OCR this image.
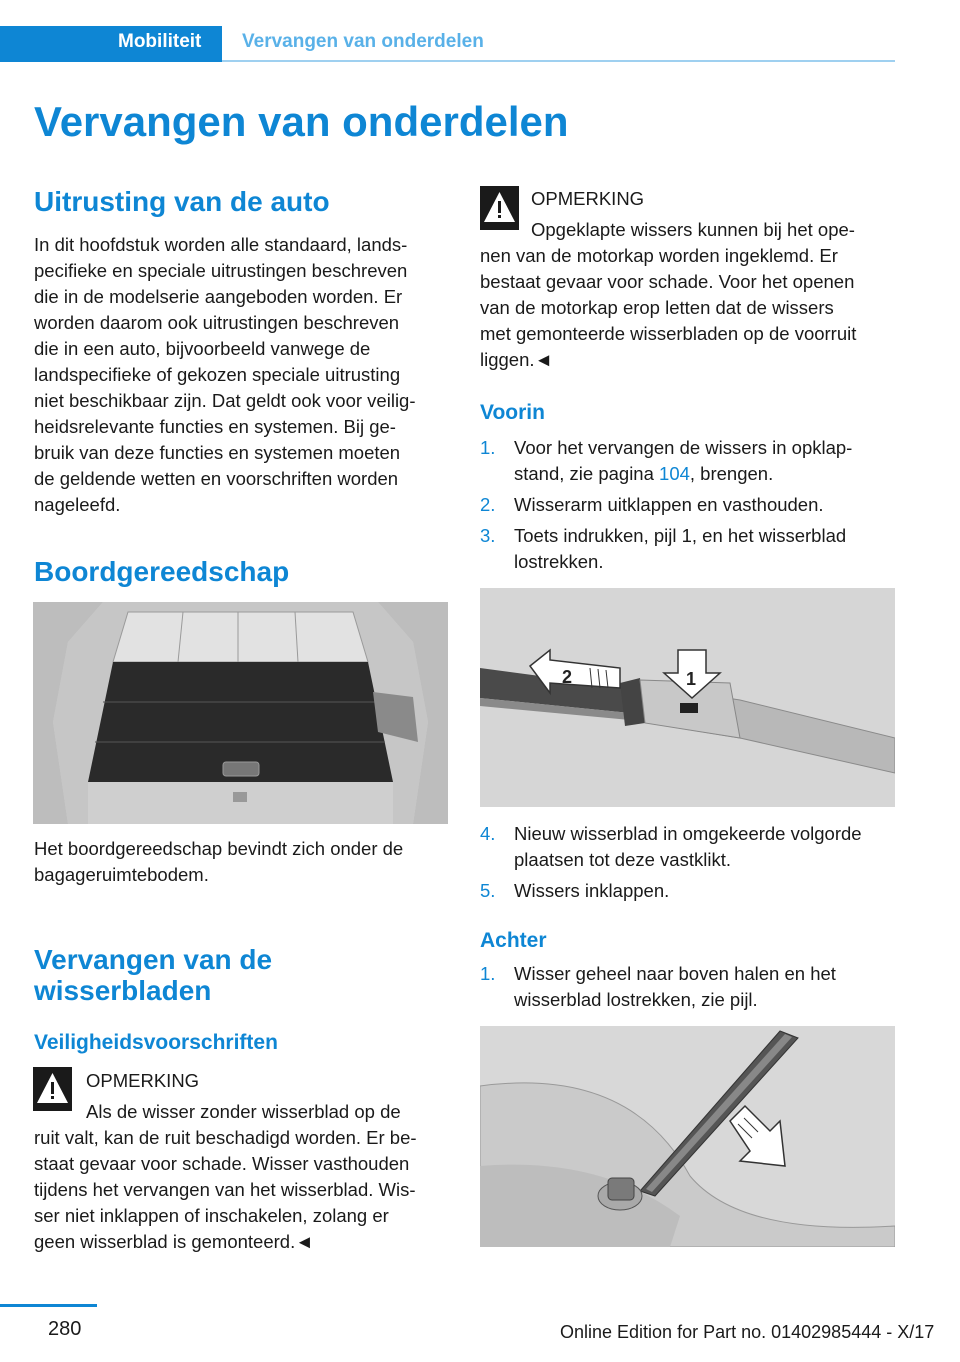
Mobiliteit Vervangen van onderdelen
Vervangen van onderdelen
Uitrusting van de auto

In dit hoofdstuk worden alle standaard, lands-
pecifieke en speciale uitrustingen beschreven
die in de modelserie aangeboden worden. Er
worden daarom ook uitrustingen beschreven
die in een auto, bijvoorbeeld vanwege de
landspecifieke of gekozen speciale uitrusting
niet beschikbaar zijn. Dat geldt ook voor veilig-
heidsrelevante functies en systemen. Bij ge-
bruik van deze functies en systemen moeten
de geldende wetten en voorschriften worden
nageleefd.

Boordgereedschap

Het boordgereedschap bevindt zich onder de
bagageruimtebodem.

Vervangen van de
wisserbladen
Veiligheidsvoorschriften
OPMERKING

Als de wisser zonder wisserblad op de

ruit valt, kan de ruit beschadigd worden. Er be-
staat gevaar voor schade. Wisser vasthouden
tijdens het vervangen van het wisserblad. Wis-
ser niet inklappen of inschakelen, zolang er
geen wisserblad is gemonteerd.◄

OPMERKING

Opgeklapte wissers kunnen bij het ope-

nen van de motorkap worden ingeklemd. Er
bestaat gevaar voor schade. Voor het openen
van de motorkap erop letten dat de wissers
met gemonteerde wisserbladen op de voorruit
liggen.◄

Voorin
1. Voor het vervangen de wissers in opklap-
stand, zie pagina 104, brengen.
2. Wisserarm uitklappen en vasthouden.
3. Toets indrukken, pijl 1, en het wisserblad
lostrekken.
2	1
4. Nieuw wisserblad in omgekeerde volgorde
plaatsen tot deze vastklikt.
5. Wissers inklappen.
Achter
1. Wisser geheel naar boven halen en het
wisserblad lostrekken, zie pijl.
280	Online Edition for Part no. 01402985444 - X/17
